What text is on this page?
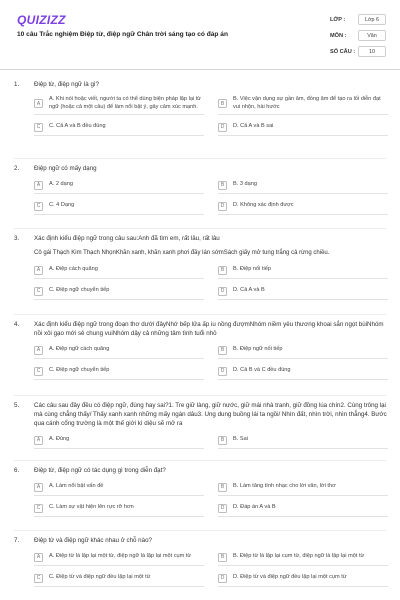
QUIZIZZ
10 câu Trắc nghiệm Điệp từ, điệp ngữ Chân trời sáng tạo có đáp án
LỚP :	Lớp 6
MÔN :	Văn
SỐ CÂU :	10
1.	Điệp từ, điệp ngữ là gì?
A
A. Khi nói hoặc viết, người ta có thể dùng biện pháp lặp lại từ ngữ (hoặc cả một câu) để làm nổi bật ý, gây cảm xúc mạnh.	B
B. Việc vận dụng sự gần âm, đồng âm để tạo ra lối diễn đạt vui nhộn, hài hước
C	C. Cả A và B đều đúng	D	D. Cả A và B sai
2.	Điệp ngữ có mấy dạng
A	A. 2 dạng	B	B. 3 dạng
C	C. 4 Dạng	D	D. Không xác định được
3.	Xác định kiểu điệp ngữ trong câu sau:Anh đã tìm em, rất lâu, rất lâu
Cô gái Thạch Kim Thạch NhọnKhăn xanh, khăn xanh phơi đầy lán sớmSách giấy mở tung trắng cả rừng chiều.
A	A. Điệp cách quãng	B	B. Điệp nối tiếp
C	C. Điệp ngữ chuyển tiếp	D	D. Cả A và B
4.	Xác định kiểu điệp ngữ trong đoạn thơ dưới đâyNhớ bếp lửa ấp iu nồng đượmNhóm niềm yêu thương khoai sắn ngọt bùiNhóm nồi xôi gạo mới sẻ chung vuiNhóm dậy cả những tâm tình tuổi nhỏ
A	A. Điệp ngữ cách quãng	B	B. Điệp ngữ nối tiếp
C	C. Điệp ngữ chuyển tiếp	D	D. Cả B và C đều đúng
5.	Các câu sau đây đều có điệp ngữ, đúng hay sai?1. Tre giữ làng, giữ nước, giữ mái nhà tranh, giữ đồng lúa chín2. Cùng trông lại mà cùng chẳng thấy/ Thấy xanh xanh những mấy ngàn dâu3. Ung dung buồng lái ta ngồi/ Nhìn đất, nhìn trời, nhìn thẳng4. Bước qua cánh cổng trường là một thế giới kì diệu sẽ mở ra
A	A. Đúng	B	B. Sai
6.	Điệp từ, điệp ngữ có tác dụng gì trong diễn đạt?
A	A. Làm nổi bật vấn đề	B	B. Làm tăng tính nhạc cho lời văn, lời thơ
C	C. Làm sự vật hiện lên rực rỡ hơn	D	D. Đáp án A và B
7.	Điệp từ và điệp ngữ khác nhau ở chỗ nào?
A	A. Điệp từ là lặp lại một từ, điệp ngữ là lặp lại một cụm từ	B	B. Điệp từ là lặp lại cụm từ, điệp ngữ là lặp lại một từ
C	C. Điệp từ và điệp ngữ đều lặp lại một từ	D	D. Điệp từ và điệp ngữ đều lặp lại một cụm từ
